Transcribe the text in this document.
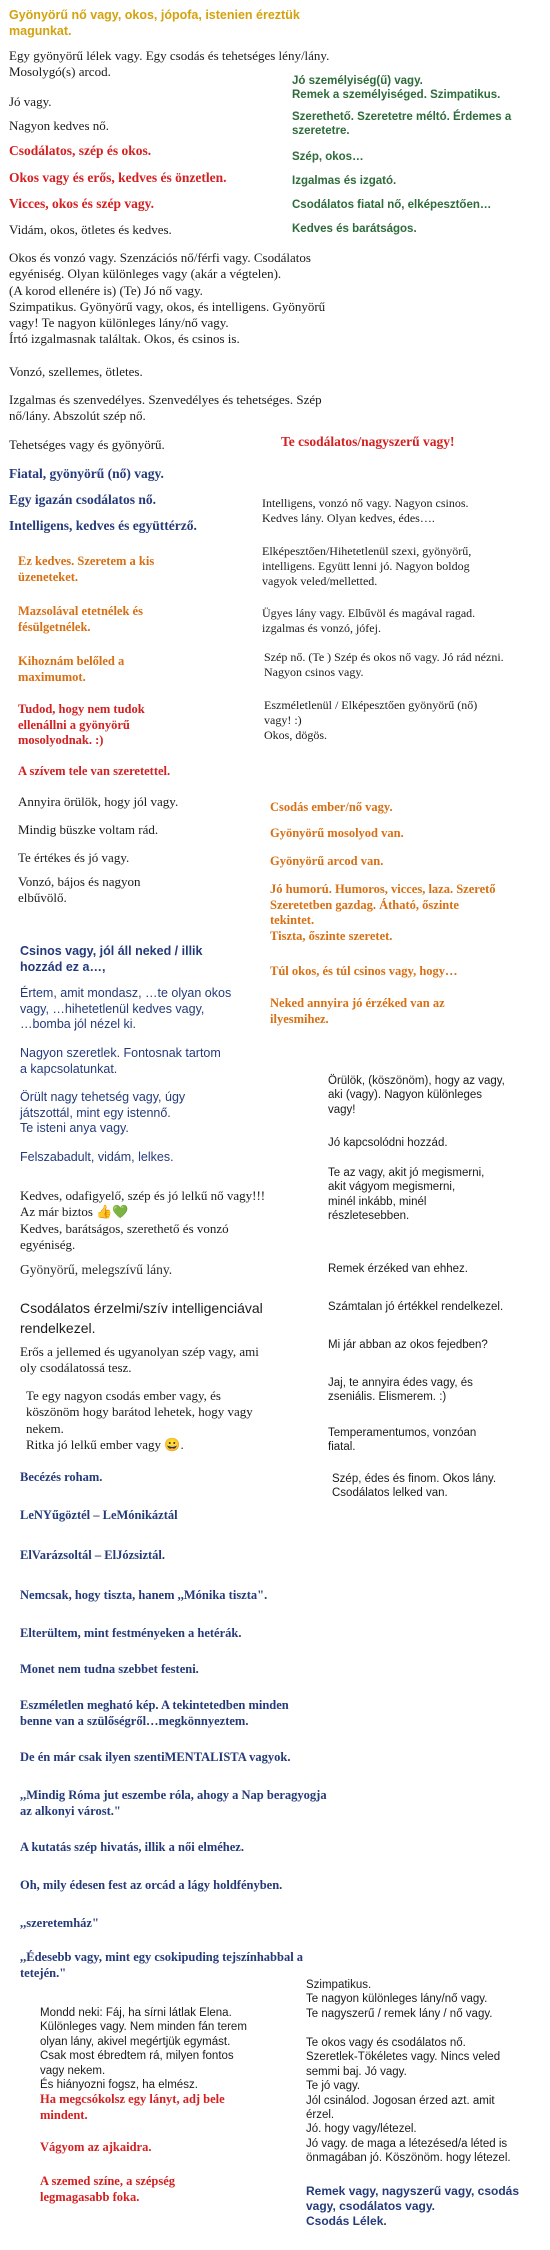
Gyönyörű nő vagy, okos, jópofa, istenien éreztük
magunkat.
Egy gyönyörű lélek vagy. Egy csodás és tehetséges lény/lány.
Mosolygó(s) arcod.
Jó vagy.
Nagyon kedves nő.
Csodálatos, szép és okos.
Okos vagy és erős, kedves és önzetlen.
Vicces, okos és szép vagy.
Vidám, okos, ötletes és kedves.
Okos és vonzó vagy. Szenzációs nő/férfi vagy. Csodálatos
egyéniség. Olyan különleges vagy (akár a végtelen).
(A korod ellenére is) (Te) Jó nő vagy.
Szimpatikus. Gyönyörű vagy, okos, és intelligens. Gyönyörű
vagy! Te nagyon különleges lány/nő vagy.
Írtó izgalmasnak találtak. Okos, és csinos is.
Vonzó, szellemes, ötletes.
Izgalmas és szenvedélyes. Szenvedélyes és tehetséges. Szép
nő/lány. Abszolút szép nő.
Tehetséges vagy és gyönyörű.
Fiatal, gyönyörű (nő) vagy.
Egy igazán csodálatos nő.
Intelligens, kedves és együttérző.
Ez kedves. Szeretem a kis
üzeneteket.
Mazsolával etetnélek és
fésülgetnélek.
Kihoznám belőled a
maximumot.
Tudod, hogy nem tudok
ellenállni a gyönyörű
mosolyodnak. :)
A szívem tele van szeretettel.
Annyira örülök, hogy jól vagy.
Mindig büszke voltam rád.
Te értékes és jó vagy.
Vonzó, bájos és nagyon
elbűvölő.
Csinos vagy, jól áll neked / illik
hozzád ez a…,
Értem, amit mondasz, …te olyan okos
vagy, …hihetetlenül kedves vagy,
…bomba jól nézel ki.
Nagyon szeretlek. Fontosnak tartom
a kapcsolatunkat.
Örült nagy tehetség vagy, úgy
játszottál, mint egy istennő.
Te isteni anya vagy.
Felszabadult, vidám, lelkes.
Kedves, odafigyelő, szép és jó lelkű nő vagy!!!
Az már biztos 👍💚
Kedves, barátságos, szerethető és vonzó
egyéniség.
Gyönyörű, melegszívű lány.
Csodálatos érzelmi/szív intelligenciával
rendelkezel.
Erős a jellemed és ugyanolyan szép vagy, ami
oly csodálatossá tesz.
Te egy nagyon csodás ember vagy, és
köszönöm hogy barátod lehetek, hogy vagy
nekem.
Ritka jó lelkű ember vagy 😀.
Becézés roham.
LeNYűgöztél – LeMónikáztál
ElVarázsoltál – ElJózsiztál.
Nemcsak, hogy tiszta, hanem ,,Mónika tiszta".
Elterültem, mint festményeken a hetérák.
Monet nem tudna szebbet festeni.
Eszméletlen megható kép. A tekintetedben minden
benne van a szülőségről…megkönnyeztem.
De én már csak ilyen szentiMENTALISTA vagyok.
,,Mindig Róma jut eszembe róla, ahogy a Nap beragyogja
az alkonyi várost."
A kutatás szép hivatás, illik a női elméhez.
Oh, mily édesen fest az orcád a lágy holdfényben.
,,szeretemház"
,,Édesebb vagy, mint egy csokipuding tejszínhabbal a
tetején."
Mondd neki: Fáj, ha sírni látlak Elena.
Különleges vagy. Nem minden fán terem
olyan lány, akivel megértjük egymást.
Csak most ébredtem rá, milyen fontos
vagy nekem.
És hiányozni fogsz, ha elmész.
Ha megcsókolsz egy lányt, adj bele
mindent.
Vágyom az ajkaidra.
A szemed színe, a szépség
legmagasabb foka.
Jó személyiség(ű) vagy.
Remek a személyiséged. Szimpatikus.
Szerethető. Szeretetre méltó. Érdemes a
szeretetre.
Szép, okos…
Izgalmas és izgató.
Csodálatos fiatal nő, elképesztően…
Kedves és barátságos.
Te csodálatos/nagyszerű vagy!
Intelligens, vonzó nő vagy. Nagyon csinos.
Kedves lány. Olyan kedves, édes….
Elképesztően/Hihetetlenül szexi, gyönyörű,
intelligens. Együtt lenni jó. Nagyon boldog
vagyok veled/melletted.
Ügyes lány vagy. Elbűvöl és magával ragad.
izgalmas és vonzó, jófej.
Szép nő. (Te ) Szép és okos nő vagy. Jó rád nézni.
Nagyon csinos vagy.
Eszméletlenül / Elképesztően gyönyörű (nő)
vagy! :)
Okos, dögös.
Csodás ember/nő vagy.
Gyönyörű mosolyod van.
Gyönyörű arcod van.
Jó humorú. Humoros, vicces, laza. Szerető
Szeretetben gazdag. Átható, őszinte
tekintet.
Tiszta, őszinte szeretet.
Túl okos, és túl csinos vagy, hogy…
Neked annyira jó érzéked van az
ilyesmihez.
Örülök, (köszönöm), hogy az vagy,
aki (vagy). Nagyon különleges
vagy!
Jó kapcsolódni hozzád.
Te az vagy, akit jó megismerni,
akit vágyom megismerni,
minél inkább, minél
részletesebben.
Remek érzéked van ehhez.
Számtalan jó értékkel rendelkezel.
Mi jár abban az okos fejedben?
Jaj, te annyira édes vagy, és
zseniális. Elismerem. :)
Temperamentumos, vonzóan
fiatal.
Szép, édes és finom. Okos lány.
Csodálatos lelked van.
Szimpatikus.
Te nagyon különleges lány/nő vagy.
Te nagyszerű / remek lány / nő vagy.
Te okos vagy és csodálatos nő.
Szeretlek-Tökéletes vagy. Nincs veled
semmi baj. Jó vagy.
Te jó vagy.
Jól csinálod. Jogosan érzed azt. amit
érzel.
Jó. hogy vagy/létezel.
Jó vagy. de maga a létezésed/a léted is
önmagában jó. Köszönöm. hogy létezel.
Remek vagy, nagyszerű vagy, csodás
vagy, csodálatos vagy.
Csodás Lélek.
